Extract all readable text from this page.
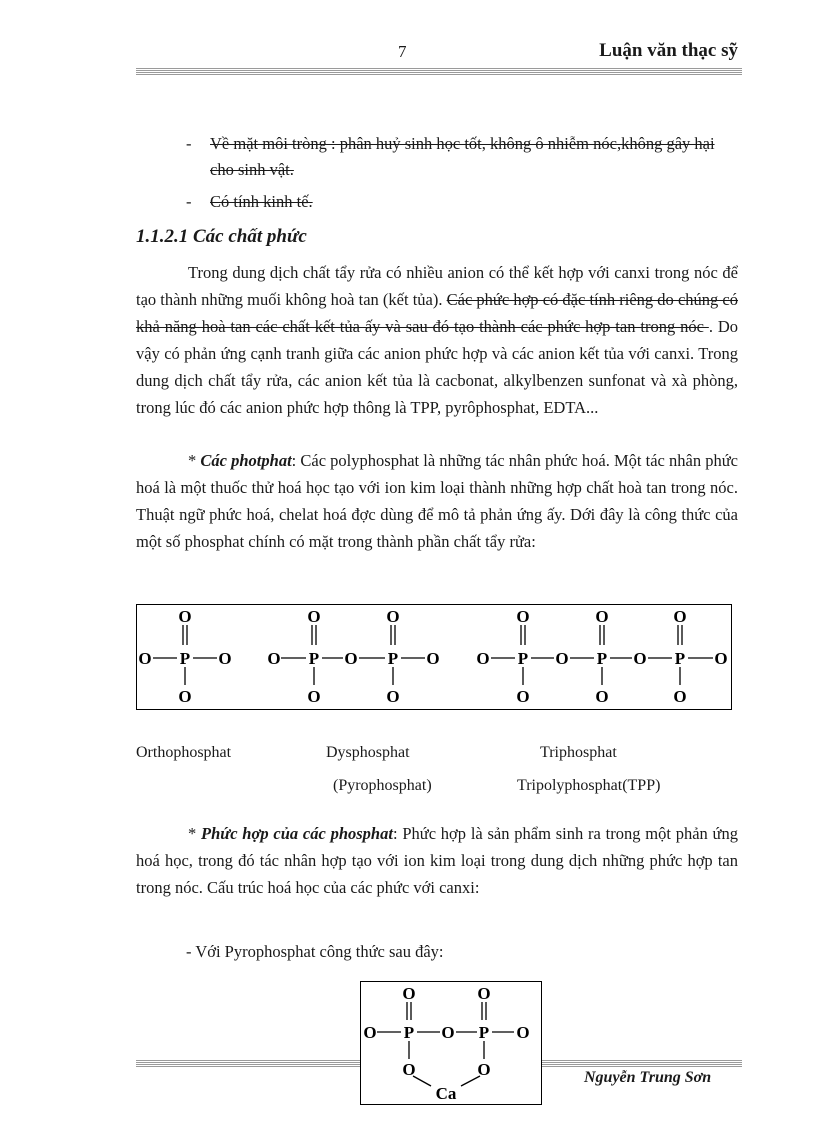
7	Luận văn thạc sỹ
- Về mặt môi tròng : phân huỷ sinh học tốt, không ô nhiễm nóc,không gây hại cho sinh vật.
- Có tính kinh tế.
1.1.2.1 Các chất phức
Trong dung dịch chất tẩy rửa có nhiều anion có thể kết hợp với canxi trong nóc để tạo thành những muối không hoà tan (kết tủa). Các phức hợp có đặc tính riêng do chúng có khả năng hoà tan các chất kết tủa ấy và sau đó tạo thành các phức hợp tan trong nóc . Do vậy có phản ứng cạnh tranh giữa các anion phức hợp và các anion kết tủa với canxi. Trong dung dịch chất tẩy rửa, các anion kết tủa là cacbonat, alkylbenzen sunfonat và xà phòng, trong lúc đó các anion phức hợp thông là TPP, pyrôphosphat, EDTA...
* Các photphat: Các polyphosphat là những tác nhân phức hoá. Một tác nhân phức hoá là một thuốc thử hoá học tạo với ion kim loại thành những hợp chất hoà tan trong nóc. Thuật ngữ phức hoá, chelat hoá đợc dùng để mô tả phản ứng ấy. Dới đây là công thức của một số phosphat chính có mặt trong thành phần chất tẩy rửa:
O
O P O
O
O	O
O P O P O
O	O
O	O	O
O P O P O P O
O	O	O
Orthophosphat	Dysphosphat
(Pyrophosphat)
Triphosphat
Tripolyphosphat(TPP)
* Phức hợp của các phosphat: Phức hợp là sản phẩm sinh ra trong một phản ứng hoá học, trong đó tác nhân hợp tạo với ion kim loại trong dung dịch những phức hợp tan trong nóc. Cấu trúc hoá học của các phức với canxi:
- Với Pyrophosphat công thức sau đây:
O	O
O P O P O
O	O
Ca
Nguyễn Trung Sơn
